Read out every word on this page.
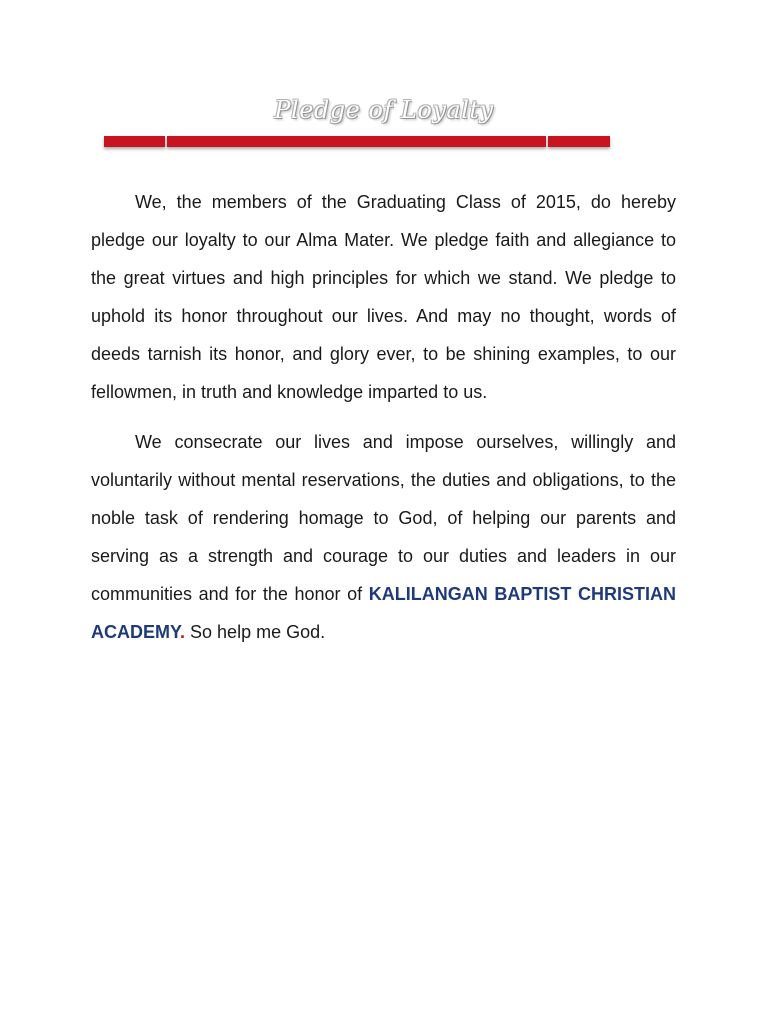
Pledge of Loyalty

We, the members of the Graduating Class of 2015, do hereby pledge our loyalty to our Alma Mater. We pledge faith and allegiance to the great virtues and high principles for which we stand. We pledge to uphold its honor throughout our lives. And may no thought, words of deeds tarnish its honor, and glory ever, to be shining examples, to our fellowmen, in truth and knowledge imparted to us.

We consecrate our lives and impose ourselves, willingly and voluntarily without mental reservations, the duties and obligations, to the noble task of rendering homage to God, of helping our parents and serving as a strength and courage to our duties and leaders in our communities and for the honor of KALILANGAN BAPTIST CHRISTIAN ACADEMY. So help me God.
